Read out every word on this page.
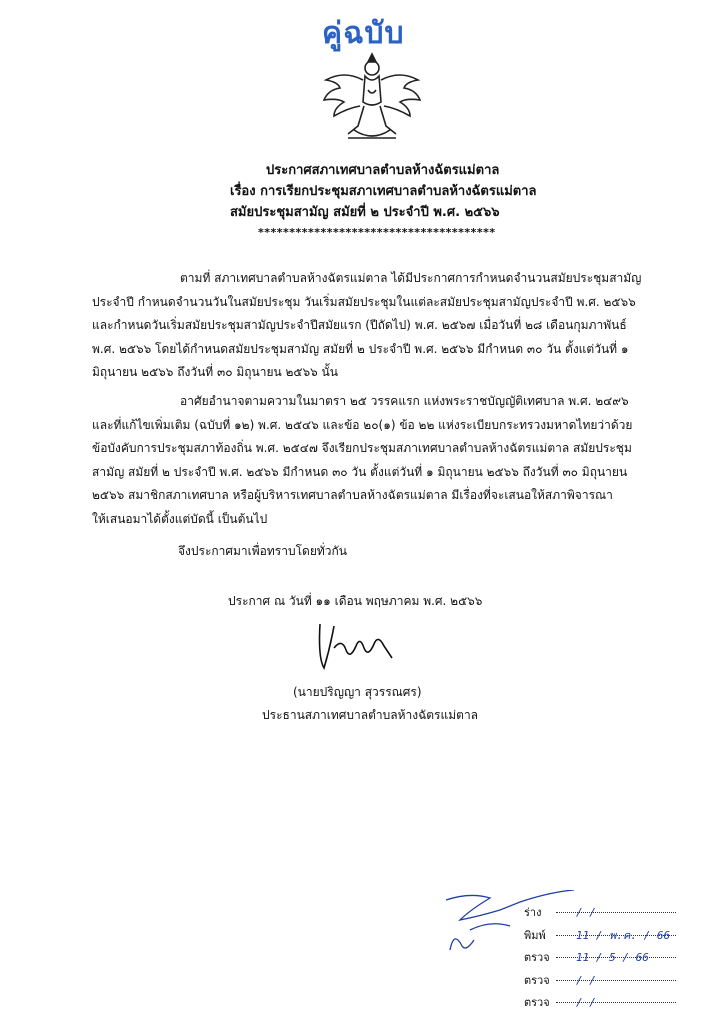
คู่ฉบับ
ประกาศสภาเทศบาลตำบลห้างฉัตรแม่ตาล
เรื่อง การเรียกประชุมสภาเทศบาลตำบลห้างฉัตรแม่ตาล
สมัยประชุมสามัญ สมัยที่ ๒ ประจำปี พ.ศ. ๒๕๖๖
**************************************
ตามที่ สภาเทศบาลตำบลห้างฉัตรแม่ตาล ได้มีประกาศการกำหนดจำนวนสมัยประชุมสามัญ
ประจำปี กำหนดจำนวนวันในสมัยประชุม วันเริ่มสมัยประชุมในแต่ละสมัยประชุมสามัญประจำปี พ.ศ. ๒๕๖๖
และกำหนดวันเริ่มสมัยประชุมสามัญประจำปีสมัยแรก (ปีถัดไป) พ.ศ. ๒๕๖๗ เมื่อวันที่ ๒๘ เดือนกุมภาพันธ์
พ.ศ. ๒๕๖๖ โดยได้กำหนดสมัยประชุมสามัญ สมัยที่ ๒ ประจำปี พ.ศ. ๒๕๖๖ มีกำหนด ๓๐ วัน ตั้งแต่วันที่ ๑
มิถุนายน ๒๕๖๖ ถึงวันที่ ๓๐ มิถุนายน ๒๕๖๖ นั้น
อาศัยอำนาจตามความในมาตรา ๒๕ วรรคแรก แห่งพระราชบัญญัติเทศบาล พ.ศ. ๒๔๙๖
และที่แก้ไขเพิ่มเติม (ฉบับที่ ๑๒) พ.ศ. ๒๕๔๖ และข้อ ๒๐(๑) ข้อ ๒๒ แห่งระเบียบกระทรวงมหาดไทยว่าด้วย
ข้อบังคับการประชุมสภาท้องถิ่น พ.ศ. ๒๕๔๗ จึงเรียกประชุมสภาเทศบาลตำบลห้างฉัตรแม่ตาล สมัยประชุม
สามัญ สมัยที่ ๒ ประจำปี พ.ศ. ๒๕๖๖ มีกำหนด ๓๐ วัน ตั้งแต่วันที่ ๑ มิถุนายน ๒๕๖๖ ถึงวันที่ ๓๐ มิถุนายน
๒๕๖๖ สมาชิกสภาเทศบาล หรือผู้บริหารเทศบาลตำบลห้างฉัตรแม่ตาล มีเรื่องที่จะเสนอให้สภาพิจารณา
ให้เสนอมาได้ตั้งแต่บัดนี้ เป็นต้นไป
จึงประกาศมาเพื่อทราบโดยทั่วกัน
ประกาศ ณ วันที่ ๑๑ เดือน พฤษภาคม พ.ศ. ๒๕๖๖
(นายปริญญา สุวรรณศร)
ประธานสภาเทศบาลตำบลห้างฉัตรแม่ตาล
ร่าง	/ /
พิมพ์	11 / พ.ค. / 66
ตรวจ 11 / 5 / 66
ตรวจ / /
ตรวจ / /
